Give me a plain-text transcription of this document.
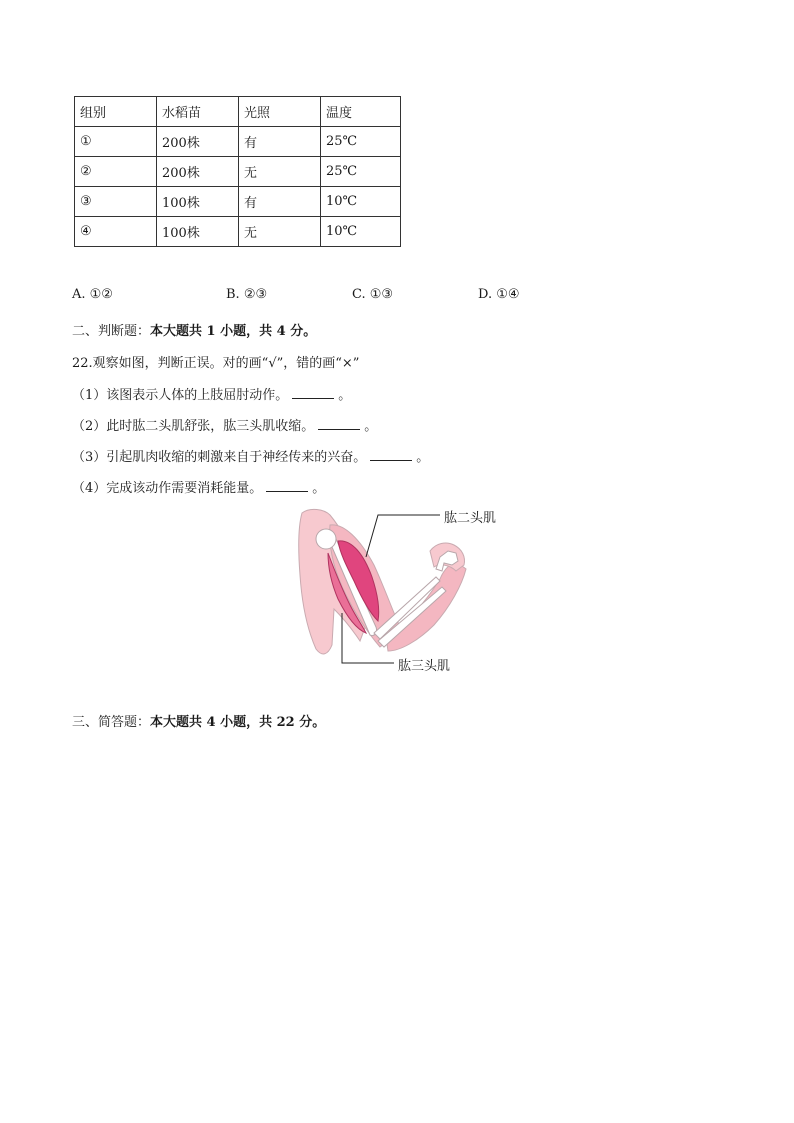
组别	水稻苗	光照	温度
①	200株	有	25℃
②	200株	无	25℃
③	100株	有	10℃
④	100株	无	10℃
A. ①②	B. ②③	C. ①③	D. ①④
二、判断题：本大题共 1 小题，共 4 分。
22.观察如图，判断正误。对的画“√”，错的画“×”
（1）该图表示人体的上肢屈肘动作。	。
（2）此时肱二头肌舒张，肱三头肌收缩。	。
（3）引起肌肉收缩的刺激来自于神经传来的兴奋。	。
（4）完成该动作需要消耗能量。	。
肱二头肌
肱三头肌
三、简答题：本大题共 4 小题，共 22 分。
